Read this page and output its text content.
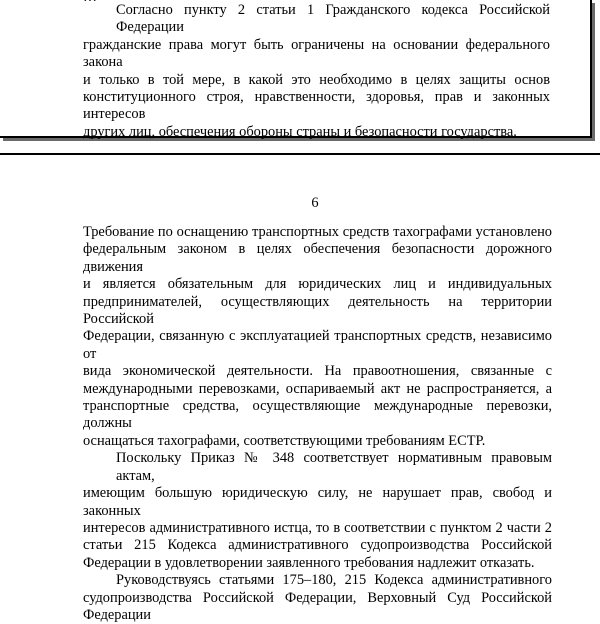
Согласно пункту 2 статьи 1 Гражданского кодекса Российской Федерации
гражданские права могут быть ограничены на основании федерального закона
и только в той мере, в какой это необходимо в целях защиты основ
конституционного строя, нравственности, здоровья, прав и законных интересов
других лиц, обеспечения обороны страны и безопасности государства.
6
Требование по оснащению транспортных средств тахографами установлено
федеральным законом в целях обеспечения безопасности дорожного движения
и является обязательным для юридических лиц и индивидуальных
предпринимателей, осуществляющих деятельность на территории Российской
Федерации, связанную с эксплуатацией транспортных средств, независимо от
вида экономической деятельности. На правоотношения, связанные с
международными перевозками, оспариваемый акт не распространяется, а
транспортные средства, осуществляющие международные перевозки, должны
оснащаться тахографами, соответствующими требованиям ЕСТР.
Поскольку Приказ № 348 соответствует нормативным правовым актам,
имеющим большую юридическую силу, не нарушает прав, свобод и законных
интересов административного истца, то в соответствии с пунктом 2 части 2
статьи 215 Кодекса административного судопроизводства Российской
Федерации в удовлетворении заявленного требования надлежит отказать.
Руководствуясь статьями 175–180, 215 Кодекса административного
судопроизводства Российской Федерации, Верховный Суд Российской
Федерации
